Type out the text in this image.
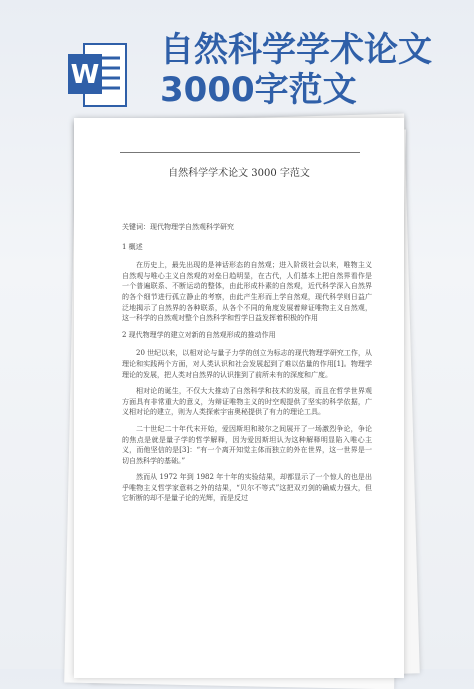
W
自然科学学术论文
3000字范文
自然科学学术论文 3000 字范文

关键词：现代物理学自然观科学研究

1 概述

在历史上，最先出现的是神话形态的自然观；进入阶级社会以来，唯物主义自然观与唯心主义自然观的对垒日趋明显，在古代，人们基本上把自然界看作是一个普遍联系、不断运动的整体，由此形成朴素的自然观，近代科学深入自然界的各个细节进行孤立静止的考察，由此产生形而上学自然观，现代科学则日益广泛地揭示了自然界的各种联系，从各个不同的角度发展着辩证唯物主义自然观，这一科学的自然观对整个自然科学和哲学日益发挥着积极的作用

2 现代物理学的建立对新的自然观形成的推动作用

20 世纪以来，以相对论与量子力学的创立为标志的现代物理学研究工作，从理论和实践两个方面，对人类认识和社会发展起到了难以估量的作用[1]。物理学理论的发展，把人类对自然界的认识推到了前所未有的深度和广度。

相对论的诞生，不仅大大推动了自然科学和技术的发展，而且在哲学世界观方面具有非常重大的意义，为辩证唯物主义的时空观提供了坚实的科学依据，广义相对论的建立，则为人类探索宇宙奥秘提供了有力的理论工具。

二十世纪二十年代末开始，爱因斯坦和玻尔之间展开了一场激烈争论，争论的焦点是就是量子学的哲学解释，因为爱因斯坦认为这种解释明显陷入唯心主义，而他坚信的是[3]：“有一个离开知觉主体而独立的外在世界，这一世界是一切自然科学的基础。”

然而从 1972 年到 1982 年十年的实验结果，却都显示了一个惊人的也是出乎唯物主义哲学家意料之外的结果，“贝尔不等式”这把双刃剑的确威力强大，但它斩断的却不是量子论的光辉，而是反过
